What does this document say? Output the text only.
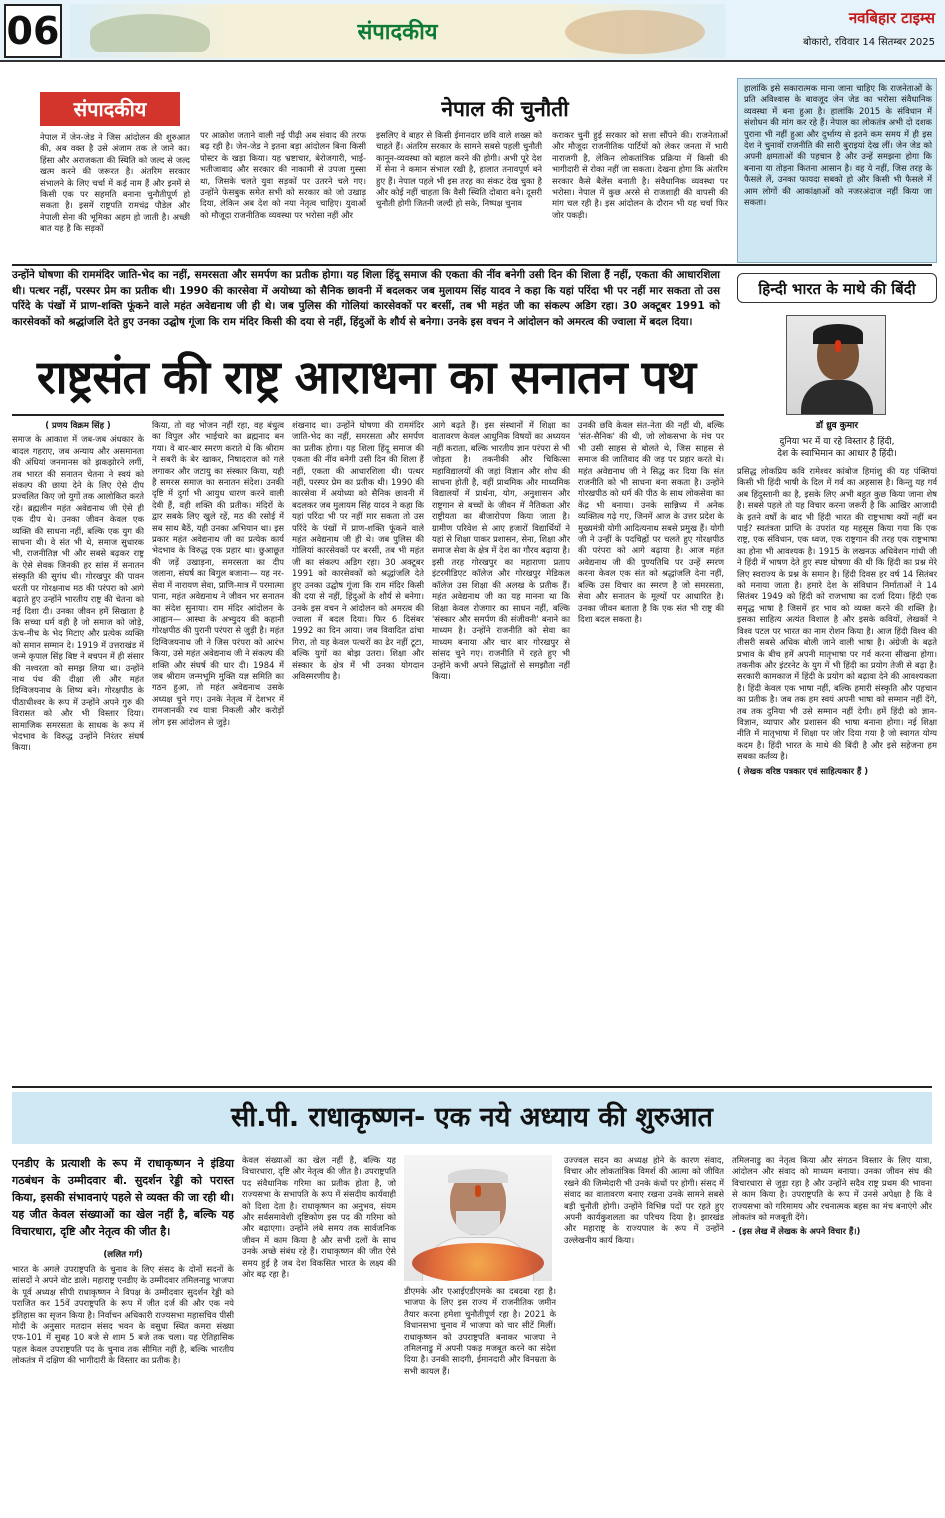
06	संपादकीय
नवबिहार टाइम्स
बोकारो, रविवार 14 सितम्बर 2025
संपादकीय	नेपाल की चुनौती

नेपाल में जेन-जेड ने जिस आंदोलन की शुरुआत की, अब वक्त है उसे अंजाम तक ले जाने का। हिंसा और अराजकता की स्थिति को जल्द से जल्द खत्म करने की जरूरत है। अंतरिम सरकार संभालने के लिए चर्चा में कई नाम हैं और इनमें से किसी एक पर सहमति बनाना चुनौतीपूर्ण हो सकता है। इसमें राष्ट्रपति रामचंद्र पौडेल और नेपाली सेना की भूमिका अहम हो जाती है। अच्छी बात यह है कि सड़कों

पर आक्रोश जताने वाली नई पीढ़ी अब संवाद की तरफ बढ़ रही है। जेन-जेड ने इतना बड़ा आंदोलन बिना किसी पोस्टर के खड़ा किया। यह भ्रष्टाचार, बेरोजगारी, भाई-भतीजावाद और सरकार की नाकामी से उपजा गुस्सा था, जिसके चलते युवा सड़कों पर उतरने चले गए। उन्होंने फेसबुक समेत सभी को सरकार को जो उखाड़ दिया, लेकिन अब देश को नया नेतृत्व चाहिए। युवाओं को मौजूदा राजनीतिक व्यवस्था पर भरोसा नहीं और

इसलिए वे बाहर से किसी ईमानदार छवि वाले शख्स को चाहते हैं। अंतरिम सरकार के सामने सबसे पहली चुनौती कानून-व्यवस्था को बहाल करने की होगी। अभी पूरे देश में सेना ने कमान संभाल रखी है, हालात तनावपूर्ण बने हुए हैं। नेपाल पहले भी इस तरह का संकट देख चुका है और कोई नहीं चाहता कि वैसी स्थिति दोबारा बने। दूसरी चुनौती होगी जितनी जल्दी हो सके, निष्पक्ष चुनाव

कराकर चुनी हुई सरकार को सत्ता सौंपने की। राजनेताओं और मौजूदा राजनीतिक पार्टियों को लेकर जनता में भारी नाराजगी है, लेकिन लोकतांत्रिक प्रक्रिया में किसी की भागीदारी से रोका नहीं जा सकता। देखना होगा कि अंतरिम सरकार कैसे बैलेंस बनाती है। संवैधानिक व्यवस्था पर भरोसा। नेपाल में कुछ अरसे से राजशाही की वापसी की मांग चल रही है। इस आंदोलन के दौरान भी यह चर्चा फिर जोर पकड़ी।

हालांकि इसे सकारात्मक माना जाना चाहिए कि राजनेताओं के प्रति अविश्वास के बावजूद जेन जेड का भरोसा संवैधानिक व्यवस्था में बना हुआ है। हालांकि 2015 के संविधान में संशोधन की मांग कर रहे हैं। नेपाल का लोकतंत्र अभी दो दशक पुराना भी नहीं हुआ और दुर्भाग्य से इतने कम समय में ही इस देश ने चुनावों राजनीति की सारी बुराइयां देख लीं। जेन जेड को अपनी क्षमताओं की पहचान है और उन्हें समझना होगा कि बनाना या तोड़ना कितना आसान है। वह ये नहीं, जिस तरह के फैसले लें, उनका फायदा सबको हो और किसी भी फैसले में आम लोगों की आकांक्षाओं को नजरअंदाज नहीं किया जा सकता।

उन्होंने घोषणा की राममंदिर जाति-भेद का नहीं, समरसता और समर्पण का प्रतीक होगा। यह शिला हिंदू समाज की एकता की नींव बनेगी उसी दिन की शिला हैं नहीं, एकता की आधारशिला थी। पत्थर नहीं, परस्पर प्रेम का प्रतीक थी। 1990 की कारसेवा में अयोध्या को सैनिक छावनी में बदलकर जब मुलायम सिंह यादव ने कहा कि यहां परिंदा भी पर नहीं मार सकता तो उस परिंदे के पंखों में प्राण-शक्ति फूंकने वाले महंत अवेद्यनाथ जी ही थे। जब पुलिस की गोलियां कारसेवकों पर बरसीं, तब भी महंत जी का संकल्प अडिग रहा। 30 अक्टूबर 1991 को कारसेवकों को श्रद्धांजलि देते हुए उनका उद्घोष गूंजा कि राम मंदिर किसी की दया से नहीं, हिंदुओं के शौर्य से बनेगा। उनके इस वचन ने आंदोलन को अमरत्व की ज्वाला में बदल दिया।
राष्ट्रसंत की राष्ट्र आराधना का सनातन पथ

( प्रणय विक्रम सिंह )

समाज के आकाश में जब-जब अंधकार के बादल गहराए, जब अन्याय और असमानता की अंधियां जनमानस को झकझोरने लगीं, तब भारत की सनातन चेतना ने स्वयं को संकल्प की छाया देने के लिए ऐसे दीप प्रज्वलित किए जो युगों तक आलोकित करते रहे। ब्रह्मलीन महंत अवेद्यनाथ जी ऐसे ही एक दीप थे। उनका जीवन केवल एक व्यक्ति की साधना नहीं, बल्कि एक युग की साधना थी। वे संत भी थे, समाज सुधारक भी, राजनीतिज्ञ भी और सबसे बढ़कर राष्ट्र के ऐसे सेवक जिनकी हर सांस में सनातन संस्कृति की सुगंध थी। गोरखपुर की पावन धरती पर गोरक्षनाथ मठ की परंपरा को आगे बढ़ाते हुए उन्होंने भारतीय राष्ट्र की चेतना को नई दिशा दी। उनका जीवन हमें सिखाता है कि सच्चा धर्म वही है जो समाज को जोड़े, ऊंच-नीच के भेद मिटाए और प्रत्येक व्यक्ति को समान सम्मान दे। 1919 में उत्तराखंड में जन्मे कृपाल सिंह बिष्ट ने बचपन में ही संसार की नश्वरता को समझ लिया था। उन्होंने नाथ पंथ की दीक्षा ली और महंत दिग्विजयनाथ के शिष्य बने। गोरक्षपीठ के पीठाधीश्वर के रूप में उन्होंने अपने गुरु की विरासत को और भी विस्तार दिया। सामाजिक समरसता के साधक के रूप में भेदभाव के विरुद्ध उन्होंने निरंतर संघर्ष किया।

किया, तो वह भोजन नहीं रहा, वह बंधुत्व का विपुल और भाईचारे का ब्रह्मनाद बन गया। वे बार-बार स्मरण कराते थे कि श्रीराम ने सबरी के बेर खाकर, निषादराज को गले लगाकर और जटायु का संस्कार किया, यही है समरस समाज का सनातन संदेश। उनकी दृष्टि में दुर्गा भी आयुध धारण करने वाली देवी हैं, वही शक्ति की प्रतीक। मंदिरों के द्वार सबके लिए खुले रहें, मठ की रसोई में सब साथ बैठें, यही उनका अभियान था। इस प्रकार महंत अवेद्यनाथ जी का प्रत्येक कार्य भेदभाव के विरुद्ध एक प्रहार था। छुआछूत की जड़ें उखाड़ना, समरसता का दीप जलाना, संघर्ष का बिगुल बजाना— यह नर-सेवा में नारायण सेवा, प्राणि-मात्र में परमात्मा पाना, महंत अवेद्यनाथ ने जीवन भर सनातन का संदेश सुनाया। राम मंदिर आंदोलन के आह्वान— आस्था के अभ्युदय की कहानी गोरक्षपीठ की पुरानी परंपरा से जुड़ी है। महंत दिग्विजयनाथ जी ने जिस परंपरा को आरंभ किया, उसे महंत अवेद्यनाथ जी ने संकल्प की शक्ति और संघर्ष की धार दी। 1984 में जब श्रीराम जन्मभूमि मुक्ति यज्ञ समिति का गठन हुआ, तो महंत अवेद्यनाथ उसके अध्यक्ष चुने गए। उनके नेतृत्व में देशभर में रामजानकी रथ यात्रा निकली और करोड़ों लोग इस आंदोलन से जुड़े।

शंखनाद था। उन्होंने घोषणा की राममंदिर जाति-भेद का नहीं, समरसता और समर्पण का प्रतीक होगा। यह शिला हिंदू समाज की एकता की नींव बनेगी उसी दिन की शिला हैं नहीं, एकता की आधारशिला थी। पत्थर नहीं, परस्पर प्रेम का प्रतीक थी। 1990 की कारसेवा में अयोध्या को सैनिक छावनी में बदलकर जब मुलायम सिंह यादव ने कहा कि यहां परिंदा भी पर नहीं मार सकता तो उस परिंदे के पंखों में प्राण-शक्ति फूंकने वाले महंत अवेद्यनाथ जी ही थे। जब पुलिस की गोलियां कारसेवकों पर बरसीं, तब भी महंत जी का संकल्प अडिग रहा। 30 अक्टूबर 1991 को कारसेवकों को श्रद्धांजलि देते हुए उनका उद्घोष गूंजा कि राम मंदिर किसी की दया से नहीं, हिंदुओं के शौर्य से बनेगा। उनके इस वचन ने आंदोलन को अमरत्व की ज्वाला में बदल दिया। फिर 6 दिसंबर 1992 का दिन आया। जब विवादित ढांचा गिरा, तो यह केवल पत्थरों का ढेर नहीं टूटा, बल्कि युगों का बोझ उतरा। शिक्षा और संस्कार के क्षेत्र में भी उनका योगदान अविस्मरणीय है।

आगे बढ़ते हैं। इस संस्थानों में शिक्षा का वातावरण केवल आधुनिक विषयों का अध्ययन नहीं कराता, बल्कि भारतीय ज्ञान परंपरा से भी जोड़ता है। तकनीकी और चिकित्सा महाविद्यालयों की जहां विज्ञान और शोध की साधना होती है, वहीं प्राथमिक और माध्यमिक विद्यालयों में प्रार्थना, योग, अनुशासन और राष्ट्रगान से बच्चों के जीवन में नैतिकता और राष्ट्रीयता का बीजारोपण किया जाता है। ग्रामीण परिवेश से आए हजारों विद्यार्थियों ने यहां से शिक्षा पाकर प्रशासन, सेना, शिक्षा और समाज सेवा के क्षेत्र में देश का गौरव बढ़ाया है। इसी तरह गोरखपुर का महाराणा प्रताप इंटरमीडिएट कॉलेज और गोरखपुर मेडिकल कॉलेज उस शिक्षा की अलख के प्रतीक हैं। महंत अवेद्यनाथ जी का यह मानना था कि शिक्षा केवल रोजगार का साधन नहीं, बल्कि 'संस्कार और समर्पण की संजीवनी' बनाने का माध्यम है। उन्होंने राजनीति को सेवा का माध्यम बनाया और चार बार गोरखपुर से सांसद चुने गए। राजनीति में रहते हुए भी उन्होंने कभी अपने सिद्धांतों से समझौता नहीं किया।

उनकी छवि केवल संत-नेता की नहीं थी, बल्कि 'संत-सैनिक' की थी, जो लोकसभा के मंच पर भी उसी साहस से बोलते थे, जिस साहस से समाज की जातिवाद की जड़ पर प्रहार करते थे। महंत अवेद्यनाथ जी ने सिद्ध कर दिया कि संत राजनीति को भी साधना बना सकता है। उन्होंने गोरखपीठ को धर्म की पीठ के साथ लोकसेवा का केंद्र भी बनाया। उनके सान्निध्य में अनेक व्यक्तित्व गढ़े गए, जिनमें आज के उत्तर प्रदेश के मुख्यमंत्री योगी आदित्यनाथ सबसे प्रमुख हैं। योगी जी ने उन्हीं के पदचिह्नों पर चलते हुए गोरक्षपीठ की परंपरा को आगे बढ़ाया है। आज महंत अवेद्यनाथ जी की पुण्यतिथि पर उन्हें स्मरण करना केवल एक संत को श्रद्धांजलि देना नहीं, बल्कि उस विचार का स्मरण है जो समरसता, सेवा और सनातन के मूल्यों पर आधारित है। उनका जीवन बताता है कि एक संत भी राष्ट्र की दिशा बदल सकता है।

हिन्दी भारत के माथे की बिंदी
डॉ ध्रुव कुमार
दुनिया भर में या रहे विस्तार है हिंदी,
देश के स्वाभिमान का आधार है हिंदी।

प्रसिद्ध लोकप्रिय कवि रामेश्वर कांबोज हिमांशु की यह पंक्तियां किसी भी हिंदी भाषी के दिल में गर्व का अहसास है। किन्तु यह गर्व अब हिंदुस्तानी का है, इसके लिए अभी बहुत कुछ किया जाना शेष है। सबसे पहले तो यह विचार करना जरूरी है कि आखिर आजादी के इतने वर्षों के बाद भी हिंदी भारत की राष्ट्रभाषा क्यों नहीं बन पाई? स्वतंत्रता प्राप्ति के उपरांत यह महसूस किया गया कि एक राष्ट्र, एक संविधान, एक ध्वज, एक राष्ट्रगान की तरह एक राष्ट्रभाषा का होना भी आवश्यक है। 1915 के लखनऊ अधिवेशन गांधी जी ने हिंदी में भाषण देते हुए स्पष्ट घोषणा की थी कि हिंदी का प्रश्न मेरे लिए स्वराज्य के प्रश्न के समान है। हिंदी दिवस हर वर्ष 14 सितंबर को मनाया जाता है। हमारे देश के संविधान निर्माताओं ने 14 सितंबर 1949 को हिंदी को राजभाषा का दर्जा दिया। हिंदी एक समृद्ध भाषा है जिसमें हर भाव को व्यक्त करने की शक्ति है। इसका साहित्य अत्यंत विशाल है और इसके कवियों, लेखकों ने विश्व पटल पर भारत का नाम रोशन किया है। आज हिंदी विश्व की तीसरी सबसे अधिक बोली जाने वाली भाषा है। अंग्रेजी के बढ़ते प्रभाव के बीच हमें अपनी मातृभाषा पर गर्व करना सीखना होगा। तकनीक और इंटरनेट के युग में भी हिंदी का प्रयोग तेजी से बढ़ा है। सरकारी कामकाज में हिंदी के प्रयोग को बढ़ावा देने की आवश्यकता है। हिंदी केवल एक भाषा नहीं, बल्कि हमारी संस्कृति और पहचान का प्रतीक है। जब तक हम स्वयं अपनी भाषा को सम्मान नहीं देंगे, तब तक दुनिया भी उसे सम्मान नहीं देगी। हमें हिंदी को ज्ञान-विज्ञान, व्यापार और प्रशासन की भाषा बनाना होगा। नई शिक्षा नीति में मातृभाषा में शिक्षा पर जोर दिया गया है जो स्वागत योग्य कदम है। हिंदी भारत के माथे की बिंदी है और इसे सहेजना हम सबका कर्तव्य है।

( लेखक वरिष्ठ पत्रकार एवं साहित्यकार हैं )

सी.पी. राधाकृष्णन- एक नये अध्याय की शुरुआत
एनडीए के प्रत्याशी के रूप में राधाकृष्णन ने इंडिया गठबंधन के उम्मीदवार बी. सुदर्शन रेड्डी को परास्त किया, इसकी संभावनाएं पहले से व्यक्त की जा रही थी। यह जीत केवल संख्याओं का खेल नहीं है, बल्कि यह विचारधारा, दृष्टि और नेतृत्व की जीत है।
(ललित गर्ग)

भारत के अगले उपराष्ट्रपति के चुनाव के लिए संसद के दोनों सदनों के सांसदों ने अपने वोट डाले। महाराष्ट्र एनडीए के उम्मीदवार तमिलनाडु भाजपा के पूर्व अध्यक्ष सीपी राधाकृष्णन ने विपक्ष के उम्मीदवार सुदर्शन रेड्डी को पराजित कर 15वें उपराष्ट्रपति के रूप में जीत दर्ज की और एक नये इतिहास का सृजन किया है। निर्वाचन अधिकारी राज्यसभा महासचिव पीसी मोदी के अनुसार मतदान संसद भवन के वसुधा स्थित कमरा संख्या एफ-101 में सुबह 10 बजे से शाम 5 बजे तक चला। यह ऐतिहासिक पहल केवल उपराष्ट्रपति पद के चुनाव तक सीमित नहीं है, बल्कि भारतीय लोकतंत्र में दक्षिण की भागीदारी के विस्तार का प्रतीक है।

केवल संख्याओं का खेल नहीं है, बल्कि यह विचारधारा, दृष्टि और नेतृत्व की जीत है। उपराष्ट्रपति पद संवैधानिक गरिमा का प्रतीक होता है, जो राज्यसभा के सभापति के रूप में संसदीय कार्यवाही को दिशा देता है। राधाकृष्णन का अनुभव, संयम और सर्वसमावेशी दृष्टिकोण इस पद की गरिमा को और बढ़ाएगा। उन्होंने लंबे समय तक सार्वजनिक जीवन में काम किया है और सभी दलों के साथ उनके अच्छे संबंध रहे हैं। राधाकृष्णन की जीत ऐसे समय हुई है जब देश विकसित भारत के लक्ष्य की ओर बढ़ रहा है।

डीएमके और एआईएडीएमके का दबदबा रहा है। भाजपा के लिए इस राज्य में राजनीतिक जमीन तैयार करना हमेशा चुनौतीपूर्ण रहा है। 2021 के विधानसभा चुनाव में भाजपा को चार सीटें मिलीं। राधाकृष्णन को उपराष्ट्रपति बनाकर भाजपा ने तमिलनाडु में अपनी पकड़ मजबूत करने का संदेश दिया है। उनकी सादगी, ईमानदारी और विनम्रता के सभी कायल हैं।

उज्ज्वल सदन का अध्यक्ष होने के कारण संवाद, विचार और लोकतांत्रिक विमर्श की आत्मा को जीवित रखने की जिम्मेदारी भी उनके कंधों पर होगी। संसद में संवाद का वातावरण बनाए रखना उनके सामने सबसे बड़ी चुनौती होगी। उन्होंने विभिन्न पदों पर रहते हुए अपनी कार्यकुशलता का परिचय दिया है। झारखंड और महाराष्ट्र के राज्यपाल के रूप में उन्होंने उल्लेखनीय कार्य किया।

तमिलनाडु का नेतृत्व किया और संगठन विस्तार के लिए यात्रा, आंदोलन और संवाद को माध्यम बनाया। उनका जीवन संघ की विचारधारा से जुड़ा रहा है और उन्होंने सदैव राष्ट्र प्रथम की भावना से काम किया है। उपराष्ट्रपति के रूप में उनसे अपेक्षा है कि वे राज्यसभा को गरिमामय और रचनात्मक बहस का मंच बनाएंगे और लोकतंत्र को मजबूती देंगे।

- (इस लेख में लेखक के अपने विचार हैं।)
